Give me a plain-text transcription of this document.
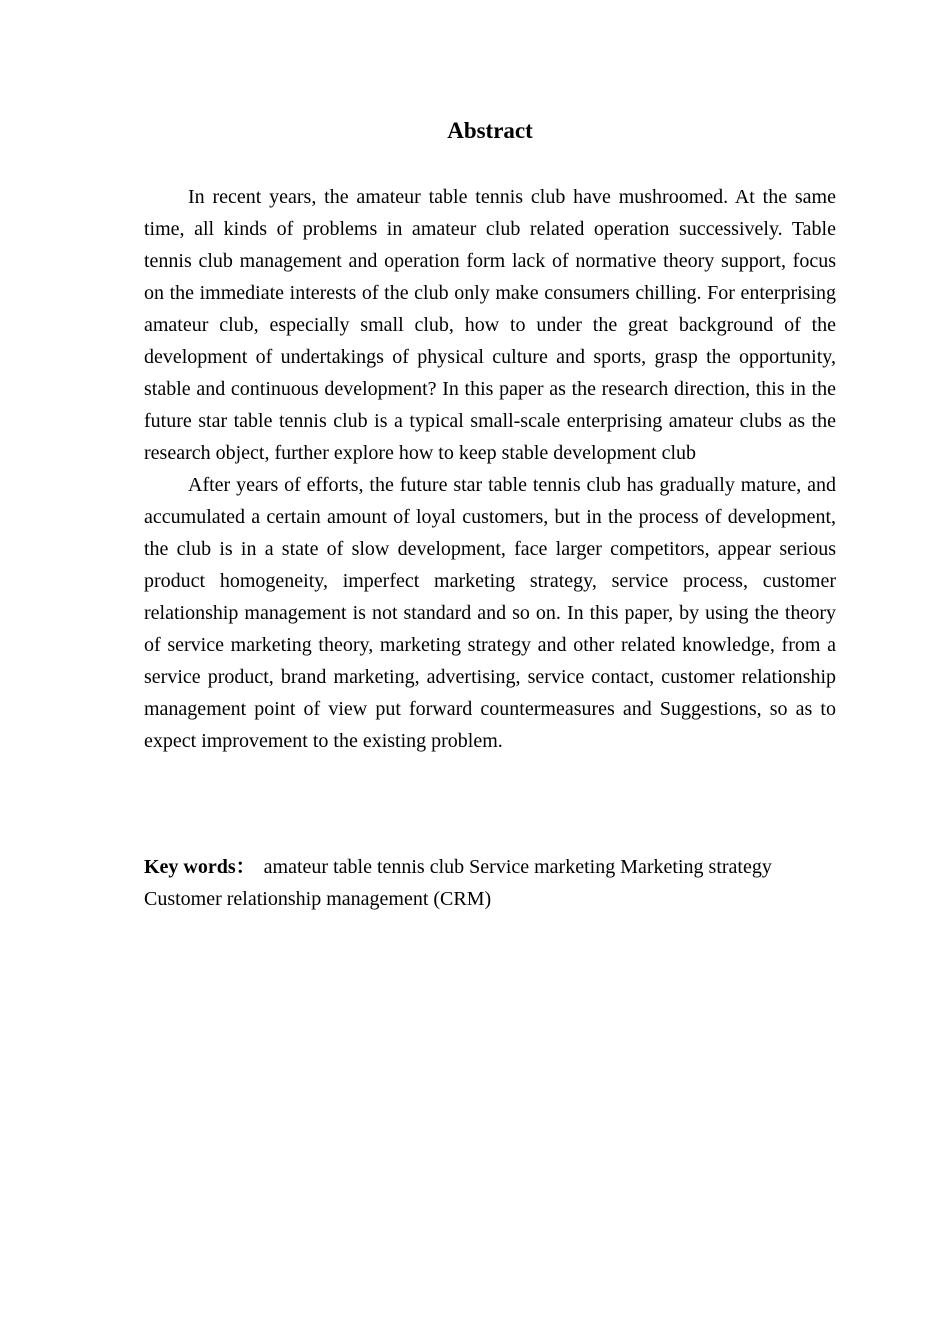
Abstract

In recent years, the amateur table tennis club have mushroomed. At the same time, all kinds of problems in amateur club related operation successively. Table tennis club management and operation form lack of normative theory support, focus on the immediate interests of the club only make consumers chilling. For enterprising amateur club, especially small club, how to under the great background of the development of undertakings of physical culture and sports, grasp the opportunity, stable and continuous development? In this paper as the research direction, this in the future star table tennis club is a typical small-scale enterprising amateur clubs as the research object, further explore how to keep stable development club

After years of efforts, the future star table tennis club has gradually mature, and accumulated a certain amount of loyal customers, but in the process of development, the club is in a state of slow development, face larger competitors, appear serious product homogeneity, imperfect marketing strategy, service process, customer relationship management is not standard and so on. In this paper, by using the theory of service marketing theory, marketing strategy and other related knowledge, from a service product, brand marketing, advertising, service contact, customer relationship management point of view put forward countermeasures and Suggestions, so as to expect improvement to the existing problem.

Key words： amateur table tennis club Service marketing Marketing strategy Customer relationship management (CRM)
